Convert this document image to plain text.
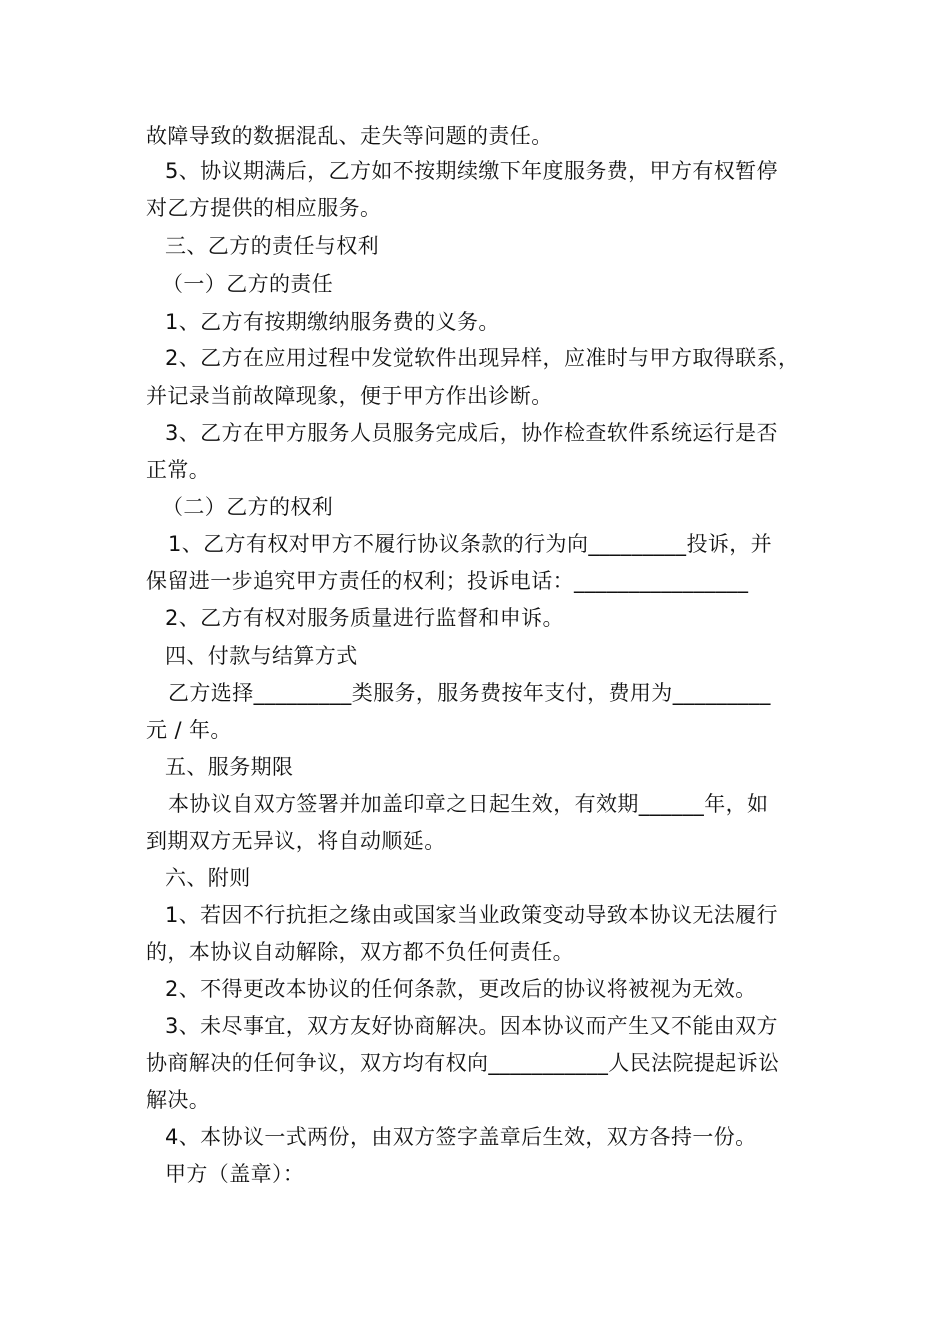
故障导致的数据混乱、走失等问题的责任。
5、协议期满后，乙方如不按期续缴下年度服务费，甲方有权暂停
对乙方提供的相应服务。
三、乙方的责任与权利
（一）乙方的责任
1、乙方有按期缴纳服务费的义务。
2、乙方在应用过程中发觉软件出现异样，应准时与甲方取得联系，
并记录当前故障现象，便于甲方作出诊断。
3、乙方在甲方服务人员服务完成后，协作检查软件系统运行是否
正常。
（二）乙方的权利
1、乙方有权对甲方不履行协议条款的行为向_________投诉，并
保留进一步追究甲方责任的权利；投诉电话：________________
2、乙方有权对服务质量进行监督和申诉。
四、付款与结算方式
乙方选择_________类服务，服务费按年支付，费用为_________
元 / 年。
五、服务期限
本协议自双方签署并加盖印章之日起生效，有效期______年，如
到期双方无异议，将自动顺延。
六、附则
1、若因不行抗拒之缘由或国家当业政策变动导致本协议无法履行
的，本协议自动解除，双方都不负任何责任。
2、不得更改本协议的任何条款，更改后的协议将被视为无效。
3、未尽事宜，双方友好协商解决。因本协议而产生又不能由双方
协商解决的任何争议，双方均有权向___________人民法院提起诉讼
解决。
4、本协议一式两份，由双方签字盖章后生效，双方各持一份。
甲方（盖章）：
